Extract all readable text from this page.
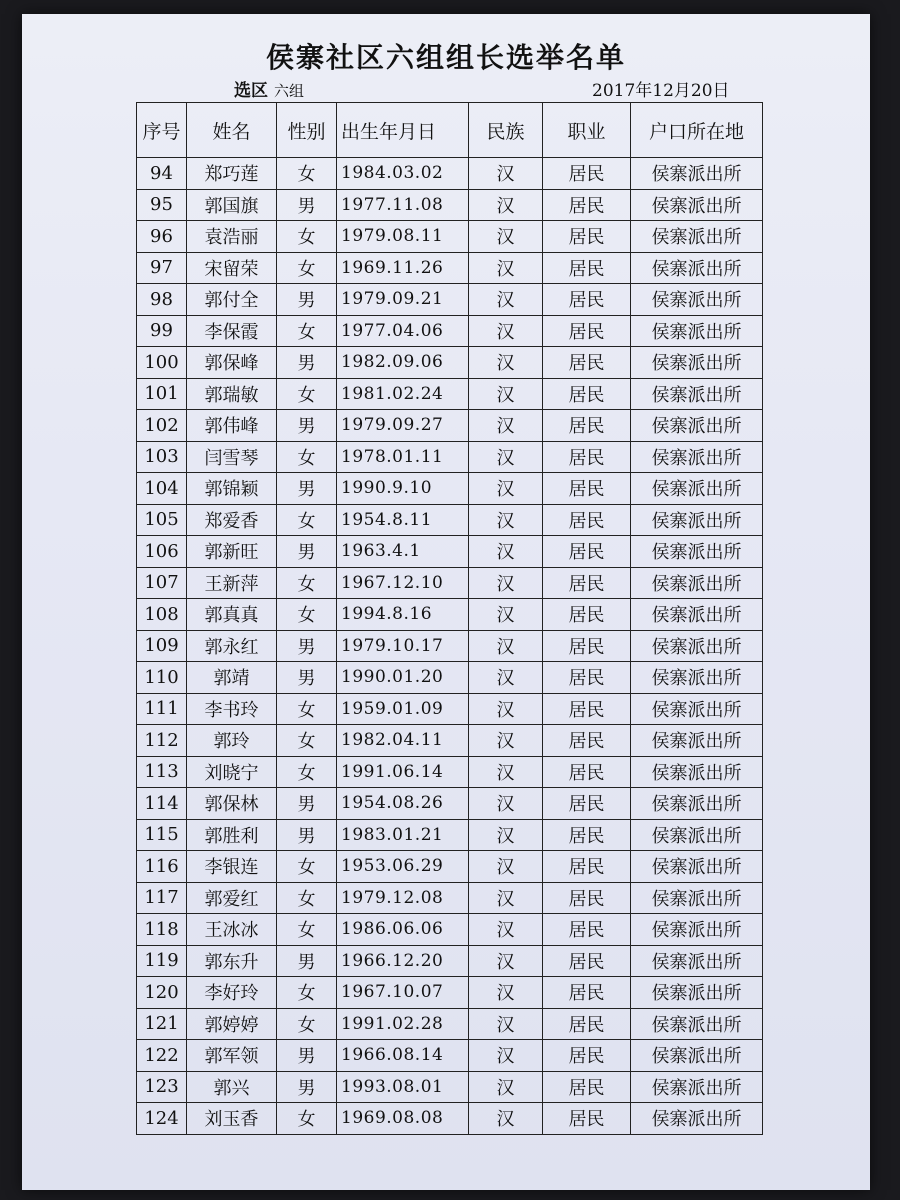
侯寨社区六组组长选举名单
选区 六组	2017年12月20日
序号	姓名	性别	出生年月日	民族	职业	户口所在地
94	郑巧莲	女	1984.03.02	汉	居民	侯寨派出所
95	郭国旗	男	1977.11.08	汉	居民	侯寨派出所
96	袁浩丽	女	1979.08.11	汉	居民	侯寨派出所
97	宋留荣	女	1969.11.26	汉	居民	侯寨派出所
98	郭付全	男	1979.09.21	汉	居民	侯寨派出所
99	李保霞	女	1977.04.06	汉	居民	侯寨派出所
100	郭保峰	男	1982.09.06	汉	居民	侯寨派出所
101	郭瑞敏	女	1981.02.24	汉	居民	侯寨派出所
102	郭伟峰	男	1979.09.27	汉	居民	侯寨派出所
103	闫雪琴	女	1978.01.11	汉	居民	侯寨派出所
104	郭锦颖	男	1990.9.10	汉	居民	侯寨派出所
105	郑爱香	女	1954.8.11	汉	居民	侯寨派出所
106	郭新旺	男	1963.4.1	汉	居民	侯寨派出所
107	王新萍	女	1967.12.10	汉	居民	侯寨派出所
108	郭真真	女	1994.8.16	汉	居民	侯寨派出所
109	郭永红	男	1979.10.17	汉	居民	侯寨派出所
110	郭靖	男	1990.01.20	汉	居民	侯寨派出所
111	李书玲	女	1959.01.09	汉	居民	侯寨派出所
112	郭玲	女	1982.04.11	汉	居民	侯寨派出所
113	刘晓宁	女	1991.06.14	汉	居民	侯寨派出所
114	郭保林	男	1954.08.26	汉	居民	侯寨派出所
115	郭胜利	男	1983.01.21	汉	居民	侯寨派出所
116	李银连	女	1953.06.29	汉	居民	侯寨派出所
117	郭爱红	女	1979.12.08	汉	居民	侯寨派出所
118	王冰冰	女	1986.06.06	汉	居民	侯寨派出所
119	郭东升	男	1966.12.20	汉	居民	侯寨派出所
120	李好玲	女	1967.10.07	汉	居民	侯寨派出所
121	郭婷婷	女	1991.02.28	汉	居民	侯寨派出所
122	郭军领	男	1966.08.14	汉	居民	侯寨派出所
123	郭兴	男	1993.08.01	汉	居民	侯寨派出所
124	刘玉香	女	1969.08.08	汉	居民	侯寨派出所
